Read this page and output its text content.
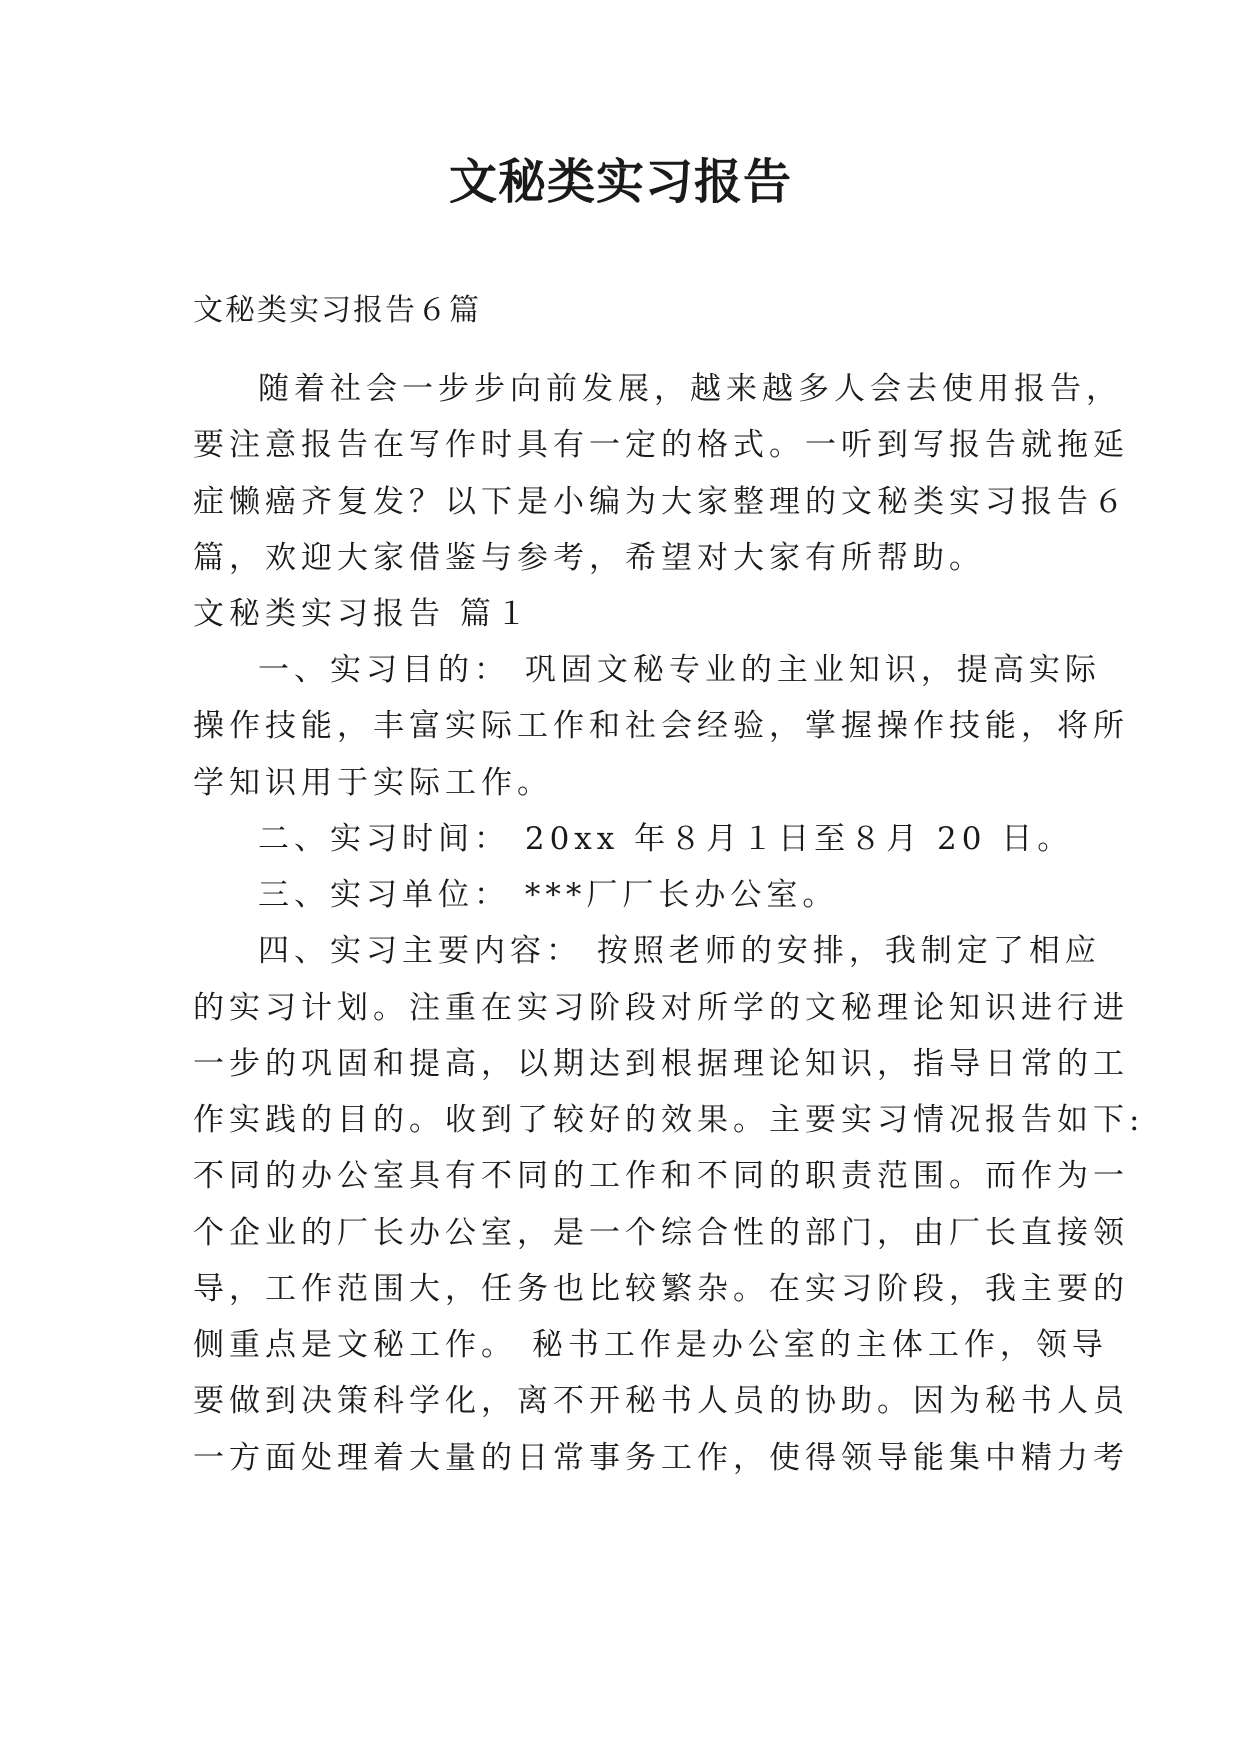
文秘类实习报告
文秘类实习报告６篇
随着社会一步步向前发展，越来越多人会去使用报告，
要注意报告在写作时具有一定的格式。一听到写报告就拖延
症懒癌齐复发？以下是小编为大家整理的文秘类实习报告６
篇，欢迎大家借鉴与参考，希望对大家有所帮助。
文秘类实习报告 篇１
一、实习目的： 巩固文秘专业的主业知识，提高实际
操作技能，丰富实际工作和社会经验，掌握操作技能，将所
学知识用于实际工作。
二、实习时间： 20xx 年８月１日至８月 20 日。
三、实习单位： ***厂厂长办公室。
四、实习主要内容： 按照老师的安排，我制定了相应
的实习计划。注重在实习阶段对所学的文秘理论知识进行进
一步的巩固和提高，以期达到根据理论知识，指导日常的工
作实践的目的。收到了较好的效果。主要实习情况报告如下:
不同的办公室具有不同的工作和不同的职责范围。而作为一
个企业的厂长办公室，是一个综合性的部门，由厂长直接领
导，工作范围大，任务也比较繁杂。在实习阶段，我主要的
侧重点是文秘工作。 秘书工作是办公室的主体工作，领导
要做到决策科学化，离不开秘书人员的协助。因为秘书人员
一方面处理着大量的日常事务工作，使得领导能集中精力考
